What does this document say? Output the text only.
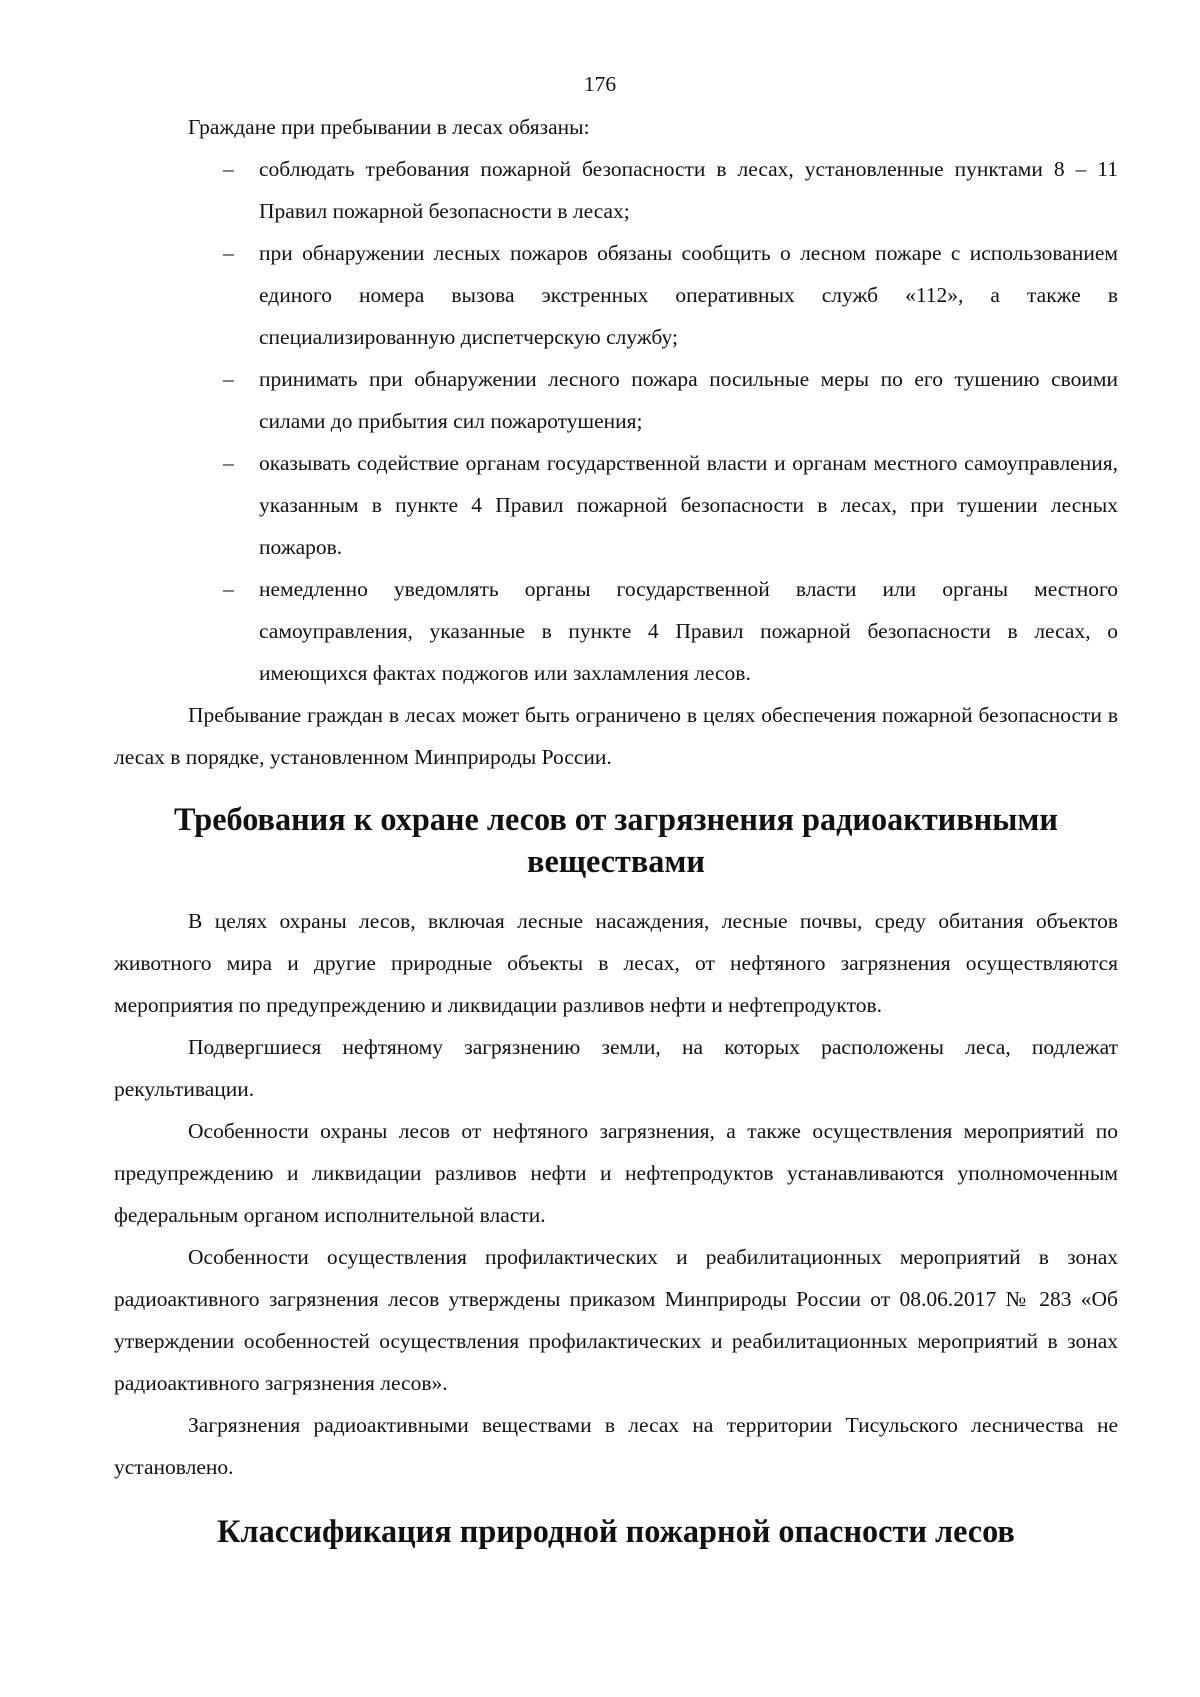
176

Граждане при пребывании в лесах обязаны:

– соблюдать требования пожарной безопасности в лесах, установленные пунктами 8 – 11 Правил пожарной безопасности в лесах;
– при обнаружении лесных пожаров обязаны сообщить о лесном пожаре с использованием единого номера вызова экстренных оперативных служб «112», а также в специализированную диспетчерскую службу;
– принимать при обнаружении лесного пожара посильные меры по его тушению своими силами до прибытия сил пожаротушения;
– оказывать содействие органам государственной власти и органам местного самоуправления, указанным в пункте 4 Правил пожарной безопасности в лесах, при тушении лесных пожаров.
– немедленно уведомлять органы государственной власти или органы местного самоуправления, указанные в пункте 4 Правил пожарной безопасности в лесах, о имеющихся фактах поджогов или захламления лесов.

Пребывание граждан в лесах может быть ограничено в целях обеспечения пожарной безопасности в лесах в порядке, установленном Минприроды России.

Требования к охране лесов от загрязнения радиоактивными веществами

В целях охраны лесов, включая лесные насаждения, лесные почвы, среду обитания объектов животного мира и другие природные объекты в лесах, от нефтяного загрязнения осуществляются мероприятия по предупреждению и ликвидации разливов нефти и нефтепродуктов.

Подвергшиеся нефтяному загрязнению земли, на которых расположены леса, подлежат рекультивации.

Особенности охраны лесов от нефтяного загрязнения, а также осуществления мероприятий по предупреждению и ликвидации разливов нефти и нефтепродуктов устанавливаются уполномоченным федеральным органом исполнительной власти.

Особенности осуществления профилактических и реабилитационных мероприятий в зонах радиоактивного загрязнения лесов утверждены приказом Минприроды России от 08.06.2017 № 283 «Об утверждении особенностей осуществления профилактических и реабилитационных мероприятий в зонах радиоактивного загрязнения лесов».

Загрязнения радиоактивными веществами в лесах на территории Тисульского лесничества не установлено.

Классификация природной пожарной опасности лесов
